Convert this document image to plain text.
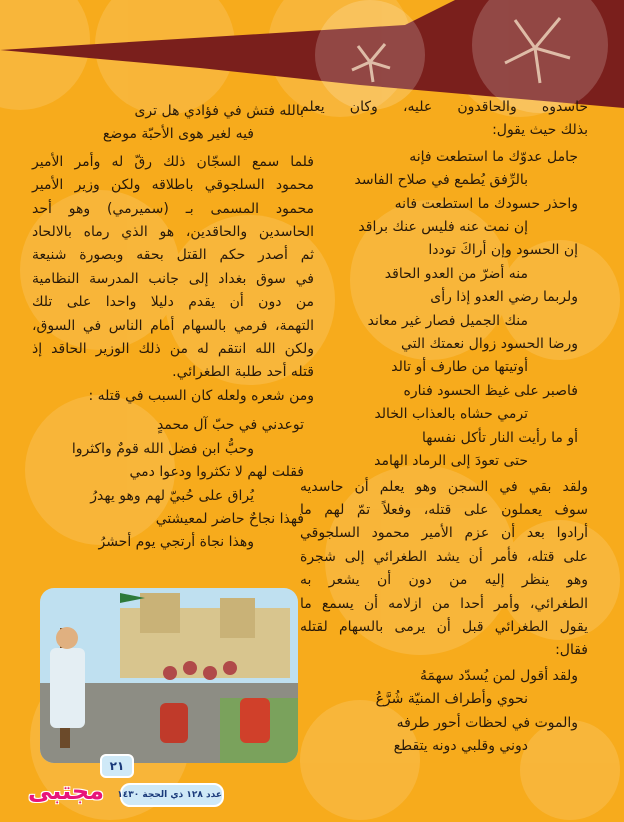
حاسدوه والحاقدون عليه، وكان يعلم
بذلك حيث يقول:
جامل عدوّك ما استطعت فإنه
بالرِّفق يُطمع في صلاح الفاسد
واحذر حسودك ما استطعت فانه
إن نمت عنه فليس عنك براقد
إن الحسود وإن أراكَ توددا
منه أضرّ من العدو الحاقد
ولربما رضي العدو إذا رأى
منك الجميل فصار غير معاند
ورضا الحسود زوال نعمتك التي
أوتيتها من طارف أو تالد
فاصبر على غيظ الحسود فناره
ترمي حشاه بالعذاب الخالد
أو ما رأيت النار تأكل نفسها
حتى تعودَ إلى الرماد الهامد
ولقد بقي في السجن وهو يعلم أن حاسديه
سوف يعملون على قتله، وفعلاً تمّ لهم ما
أرادوا بعد أن عزم الأمير محمود السلجوقي
على قتله، فأمر أن يشد الطغرائي إلى شجرة
وهو ينظر إليه من دون أن يشعر به
الطغرائي، وأمر أحدا من ازلامه أن يسمع ما
يقول الطغرائي قبل أن يرمى بالسهام لقتله
فقال:
ولقد أقول لمن يُسدّد سهمَهُ
نحوي وأطراف المنيّة شُرَّعُ
والموت في لحظات أحور طرفه
دوني وقلبي دونه يتقطع
بالله فتش في فؤادي هل ترى
فيه لغير هوى الأحبّة موضع
فلما سمع السجّان ذلك رقّ له وأمر الأمير
محمود السلجوقي باطلاقه ولكن وزير الأمير
محمود المسمى بـ (سميرمي) وهو أحد
الحاسدين والحاقدين، هو الذي رماه بالالحاد
ثم أصدر حكم القتل بحقه وبصورة شنيعة
في سوق بغداد إلى جانب المدرسة النظامية
من دون أن يقدم دليلا واحدا على تلك
التهمة، فرمي بالسهام أمام الناس في السوق،
ولكن الله انتقم له من ذلك الوزير الحاقد إذ
قتله أحد طلبة الطغرائي.
ومن شعره ولعله كان السبب في قتله :
توعدني في حبّ آل محمدٍ
وحبُّ ابن فضل الله قومٌ واكثروا
فقلت لهم لا تكثروا ودعوا دمي
يُراق على حُبيّ لهم وهو يهدرُ
فهذا نجاحٌ حاضر لمعيشتي
وهذا نجاة أرتجي يوم أحشرُ
٢١
مجتبى عدد ١٢٨ ذي الحجة ١٤٣٠
